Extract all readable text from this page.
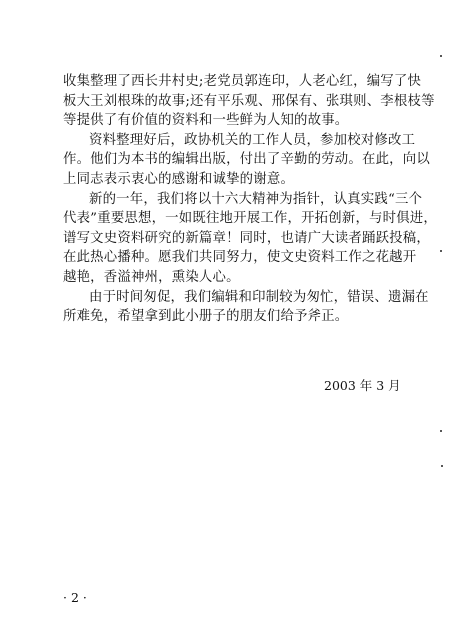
收集整理了西长井村史;老党员郭连印，人老心红，编写了快
板大王刘根珠的故事;还有平乐观、邢保有、张琪则、李根枝等
等提供了有价值的资料和一些鲜为人知的故事。
资料整理好后，政协机关的工作人员，参加校对修改工
作。他们为本书的编辑出版，付出了辛勤的劳动。在此，向以
上同志表示衷心的感谢和诚挚的谢意。
新的一年，我们将以十六大精神为指针，认真实践“三个
代表”重要思想，一如既往地开展工作，开拓创新，与时俱进，
谱写文史资料研究的新篇章！同时，也请广大读者踊跃投稿，
在此热心播种。愿我们共同努力，使文史资料工作之花越开
越艳，香溢神州，熏染人心。
由于时间匆促，我们编辑和印制较为匆忙，错误、遗漏在
所难免，希望拿到此小册子的朋友们给予斧正。
2003 年 3 月
· 2 ·
